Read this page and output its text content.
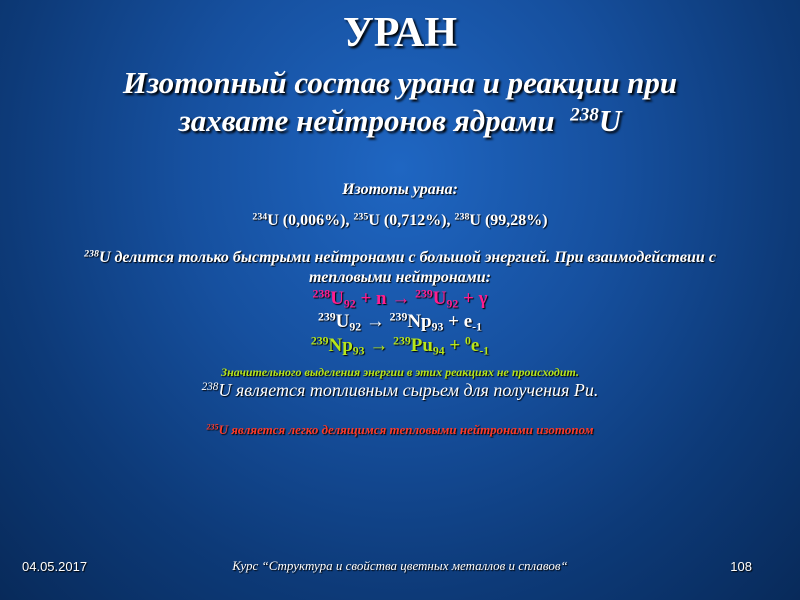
УРАН
Изотопный состав урана и реакции при
захвате нейтронов ядрами $^{238}$U
Изотопы урана:
$^{234}$U (0,006%), $^{235}$U (0,712%), $^{238}$U (99,28%)
$^{238}$U делится только быстрыми нейтронами с большой энергией. При взаимодействии с тепловыми нейтронами:
$^{238}U_{92} + n \to ^{239}U_{92} + \gamma$
$^{239}U_{92} \to ^{239}Np_{93} + e_{-1}$
$^{239}Np_{93} \to ^{239}Pu_{94} + ^0e_{-1}$
Значительного выделения энергии в этих реакциях не происходит.
$^{238}$U является топливным сырьем для получения Pu.
$^{235}$U является легко делящимся тепловыми нейтронами изотопом
04.05.2017	Курс “Структура и свойства цветных металлов и сплавов“	108
